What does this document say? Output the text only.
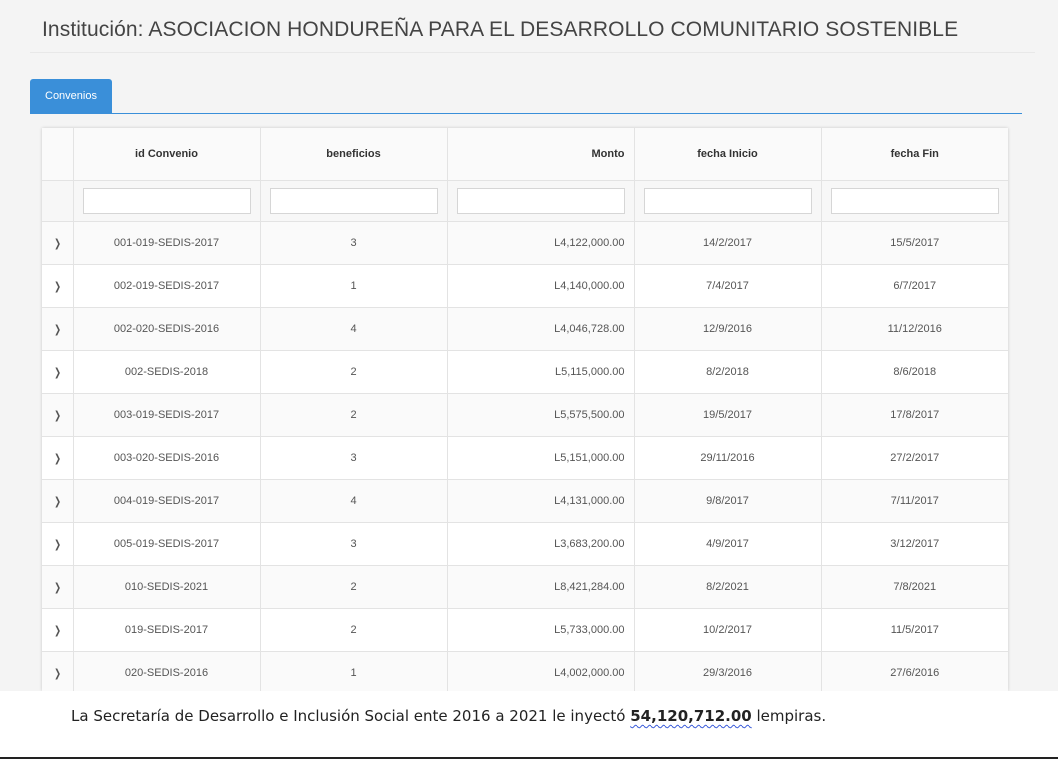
Institución: ASOCIACION HONDUREÑA PARA EL DESARROLLO COMUNITARIO SOSTENIBLE
Convenios
	id Convenio	beneficios	Monto	fecha Inicio	fecha Fin

❯	001-019-SEDIS-2017	3	L4,122,000.00	14/2/2017	15/5/2017
❯	002-019-SEDIS-2017	1	L4,140,000.00	7/4/2017	6/7/2017
❯	002-020-SEDIS-2016	4	L4,046,728.00	12/9/2016	11/12/2016
❯	002-SEDIS-2018	2	L5,115,000.00	8/2/2018	8/6/2018
❯	003-019-SEDIS-2017	2	L5,575,500.00	19/5/2017	17/8/2017
❯	003-020-SEDIS-2016	3	L5,151,000.00	29/11/2016	27/2/2017
❯	004-019-SEDIS-2017	4	L4,131,000.00	9/8/2017	7/11/2017
❯	005-019-SEDIS-2017	3	L3,683,200.00	4/9/2017	3/12/2017
❯	010-SEDIS-2021	2	L8,421,284.00	8/2/2021	7/8/2021
❯	019-SEDIS-2017	2	L5,733,000.00	10/2/2017	11/5/2017
❯	020-SEDIS-2016	1	L4,002,000.00	29/3/2016	27/6/2016

La Secretaría de Desarrollo e Inclusión Social ente 2016 a 2021 le inyectó 54,120,712.00 lempiras.
